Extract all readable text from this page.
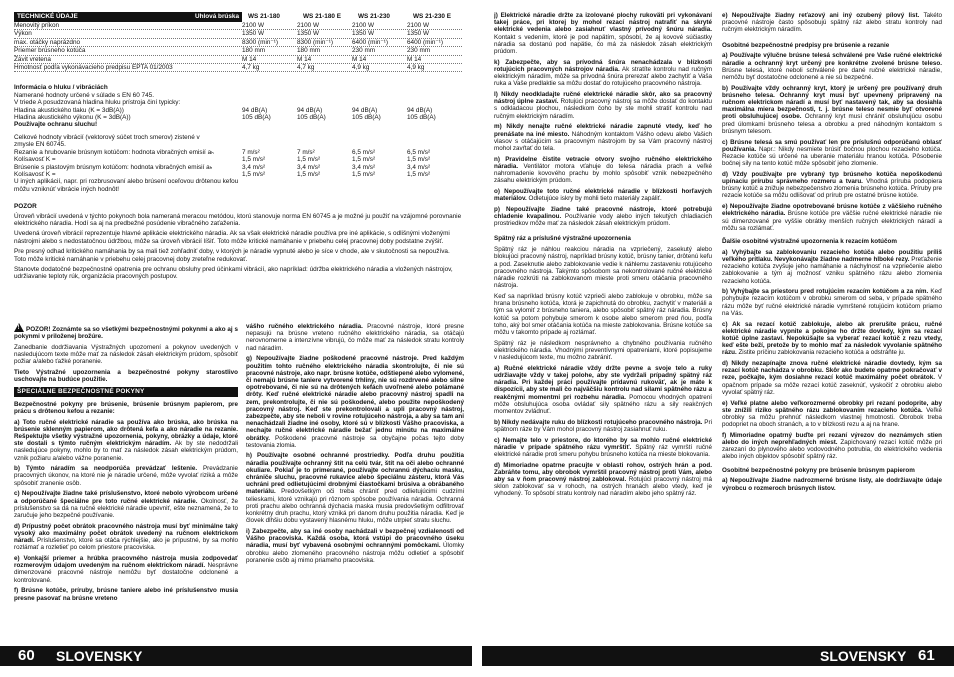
TECHNICKÉ ÚDAJE	Uhlová brúska	WS 21-180	WS 21-180 E	WS 21-230	WS 21-230 E
Menovitý príkon	2100 W	2100 W	2100 W	2100 W
Výkon	1350 W	1350 W	1350 W	1350 W
max. otáčky naprázdno	8300 (min⁻¹)	8300 (min⁻¹)	6400 (min⁻¹)	6400 (min⁻¹)
Priemer brúsneho kotúča	180 mm	180 mm	230 mm	230 mm
Závit vretena	M 14	M 14	M 14	M 14
Hmotnosť podľa vykonávacieho predpisu EPTA 01/2003	4,7 kg	4,7 kg	4,9 kg	4,9 kg
Informácia o hluku / vibráciách
Namerané hodnoty určené v súlade s EN 60 745.
V triede A posudzovaná hladina hluku prístroja činí typicky:
Hladina akustického tlaku (K = 3dB(A))	94 dB(A)	94 dB(A)	94 dB(A)	94 dB(A)
Hladina akustického výkonu (K = 3dB(A))	105 dB(A)	105 dB(A)	105 dB(A)	105 dB(A)
Používajte ochranu sluchu!
Celkové hodnoty vibrácií (vektorový súčet troch smerov) zistené v zmysle EN 60745.
Rezanie a hrubovanie brúsnym kotúčom: hodnota vibračných emisií aₕ	7 m/s²	7 m/s²	6,5 m/s²	6,5 m/s²
Kolísavosť K =	1,5 m/s²	1,5 m/s²	1,5 m/s²	1,5 m/s²
Brúsenie s plastovým brúsnym kotúčom: hodnota vibračných emisií aₕ	3,4 m/s²	3,4 m/s²	3,4 m/s²	3,4 m/s²
Kolísavosť K =	1,5 m/s²	1,5 m/s²	1,5 m/s²	1,5 m/s²
U iných aplikácií, napr. pri rozbrusovaní alebo brúsení oceľovou drôtenou kefou môžu vzniknúť vibrácie iných hodnôt!
POZOR

Úroveň vibrácií uvedená v týchto pokynoch bola nameraná meracou metódou, ktorú stanovuje norma EN 60745 a je možné ju použiť na vzájomné porovnanie elektrického náradia. Hodí sa aj na predbežné posúdenie vibračného zaťaženia.

Uvedená úroveň vibrácií reprezentuje hlavné aplikácie elektrického náradia. Ak sa však elektrické náradie používa pre iné aplikácie, s odlišnými vloženými nástrojmi alebo s nedostatočnou údržbou, môže sa úroveň vibrácií líšiť. Toto môže kritické namáhanie v priebehu celej pracovnej doby podstatne zvýšiť.

Pre presný odhad kritického namáhania by sa mali tiež zohľadniť doby, v ktorých je náradie vypnuté alebo je síce v chode, ale v skutočnosti sa nepoužíva. Toto môže kritické namáhanie v priebehu celej pracovnej doby zreteľne redukovať.

Stanovte dodatočné bezpečnostné opatrenia pre ochranu obsluhy pred účinkami vibrácií, ako napríklad: údržba elektrického náradia a vložených nástrojov, udržiavanie teploty rúk, organizácia pracovných postupov.

!POZOR! Zoznámte sa so všetkými bezpečnostnými pokynmi a ako aj s pokynmi v priloženej brožúre.

Zanedbanie dodržiavania Výstražných upozornení a pokynov uvedených v nasledujúcom texte môže mať za následok zásah elektrickým prúdom, spôsobiť požiar a/alebo ťažké poranenie.

Tieto Výstražné upozornenia a bezpečnostné pokyny starostlivo uschovajte na budúce použitie.

ŠPECIÁLNE BEZPEČNOSTNÉ POKYNY

Bezpečnostné pokyny pre brúsenie, brúsenie brúsnym papierom, pre prácu s drôtenou kefou a rezanie:

a) Toto ručné elektrické náradie sa používa ako brúska, ako brúska na brúsenie sklenným papierom, ako drôtená kefa a ako náradie na rezanie. Rešpektujte všetky výstražné upozornenia, pokyny, obrázky a údaje, ktoré ste dostali s týmto ručným elektrickým náradím. Ak by ste nedodržali nasledujúce pokyny, mohlo by to mať za následok zásah elektrickým prúdom, vznik požiaru a/alebo vážne poranenie.

b) Týmto náradím sa neodporúča prevádzať leštenie. Prevádzanie pracovných úkonov, na ktoré nie je náradie určené, môže vyvolať riziká a môže spôsobiť zranenie osôb.

c) Nepoužívajte žiadne také príslušenstvo, ktoré nebolo výrobcom určené a odporúčané špeciálne pre toto ručné elektrické náradie. Okolnosť, že príslušenstvo sa dá na ručné elektrické náradie upevniť, ešte neznamená, že to zaručuje jeho bezpečné používanie.

d) Prípustný počet obrátok pracovného nástroja musí byť minimálne taký vysoký ako maximálny počet obrátok uvedený na ručnom elektrickom náradí. Príslušenstvo, ktoré sa otáča rýchlejšie, ako je prípustné, by sa mohlo rozlámať a rozletieť po celom priestore pracoviska.

e) Vonkajší priemer a hrúbka pracovného nástroja musia zodpovedať rozmerovým údajom uvedeným na ručnom elektrickom náradí. Nesprávne dimenzované pracovné nástroje nemôžu byť dostatočne odclonené a kontrolované.

f) Brúsne kotúče, príruby, brúsne taniere alebo iné príslušenstvo musia presne pasovať na brúsne vreteno

vášho ručného elektrického náradia. Pracovné nástroje, ktoré presne nepasujú na brúsne vreteno ručného elektrického náradia, sa otáčajú nerovnomerne a intenzívne vibrujú, čo môže mať za následok stratu kontroly nad náradím.

g) Nepoužívajte žiadne poškodené pracovné nástroje. Pred každým použitím tohto ručného elektrického náradia skontrolujte, či nie sú pracovné nástroje, ako napr. brúsne kotúče, odštiepené alebo vylomené, či nemajú brúsne taniere vytvorené trhliny, nie sú rozdrvené alebo silne opotrebované, či nie sú na drôtených kefách uvoľnené alebo polámané drôty. Keď ručné elektrické náradie alebo pracovný nástroj spadli na zem, prekontrolujte, či nie sú poškodené, alebo použite nepoškodený pracovný nástroj. Keď ste prekontrolovali a upli pracovný nástroj, zabezpečte, aby ste neboli v rovine rotujúceho nástroja, a aby sa tam ani nenachádzali žiadne iné osoby, ktoré sú v blízkosti Vášho pracoviska, a nechajte ručné elektrické náradie bežať jednu minútu na maximálne obrátky. Poškodené pracovné nástroje sa obyčajne počas tejto doby testovania zlomia.

h) Používajte osobné ochranné prostriedky. Podľa druhu použitia náradia používajte ochranný štít na celú tvár, štít na oči alebo ochranné okuliare. Pokiaľ je to primerané, používajte ochrannú dýchaciu masku, chrániče sluchu, pracovné rukavice alebo špeciálnu zásteru, ktorá Vás uchráni pred odlietujúcimi drobnými čiastočkami brúsiva a obrábaného materiálu. Predovšetkým oči treba chrániť pred odlietujúcimi cudzími telieskami, ktoré vznikajú pri rôznom spôsobe používania náradia. Ochranná proti prachu alebo ochranná dýchacia maska musia predovšetkým odfiltrovať konkrétny druh prachu, ktorý vzniká pri danom druhu použitia náradia. Keď je človek dlhšiu dobu vystavený hlasnému hluku, môže utrpieť stratu sluchu.

i) Zabezpečte, aby sa iné osoby nachádzali v bezpečnej vzdialenosti od Vášho pracoviska. Každá osoba, ktorá vstúpi do pracovného úseku náradia, musí byť vybavená osobnými ochrannými pomôckami. Úlomky obrobku alebo zlomeného pracovného nástroja môžu odletieť a spôsobiť poranenie osôb aj mimo priameho pracoviska.

j) Elektrické náradie držte za izolované plochy rukoväti pri vykonávaní takej práce, pri ktorej by mohol rezací nástroj natrafiť na skryté elektrické vedenia alebo zasiahnuť vlastný prívodný šnúru náradia. Kontakt s vedením, ktoré je pod napätím, spôsobí, že aj kovové súčiastky náradia sa dostanú pod napätie, čo má za následok zásah elektrickým prúdom.

k) Zabezpečte, aby sa prívodná šnúra nenachádzala v blízkosti rotujúcich pracovných nástrojov náradia. Ak stratíte kontrolu nad ručným elektrickým náradím, môže sa prívodná šnúra prerezať alebo zachytiť a Vaša ruka a Vaše predlaktie sa môžu dostať do rotujúceho pracovného nástroja.

l) Nikdy neodkladajte ručné elektrické náradie skôr, ako sa pracovný nástroj úplne zastaví. Rotujúci pracovný nástroj sa môže dostať do kontaktu s odkladacou plochou, následkom čoho by ste mohli stratiť kontrolu nad ručným elektrickým náradím.

m) Nikdy nenajte ručné elektrické náradie zapnuté vtedy, keď ho prenášate na iné miesto. Náhodným kontaktom Vášho odevu alebo Vašich vlasov s otáčajúcim sa pracovným nástrojom by sa Vám pracovný nástroj mohol zavŕtať do tela.

n) Pravidelne čistite vetracie otvory svojho ručného elektrického náradia. Ventilátor motora vťahuje do telesa náradia prach a veľké nahromadenie kovového prachu by mohlo spôsobiť vznik nebezpečného zásahu elektrickým prúdom.

o) Nepoužívajte toto ručné elektrické náradie v blízkosti horľavých materiálov. Odletujúce iskry by mohli tieto materiály zapáliť.

p) Nepoužívajte žiadne také pracovné nástroje, ktoré potrebujú chladenie kvapalinou. Používanie vody alebo iných tekutých chladiacich prostriedkov môže mať za následok zásah elektrickým prúdom.

Spätný ráz a príslušné výstražné upozornenia

Spätný ráz je náhlou reakciou náradia na vzpriečený, zasekutý alebo blokujúci pracovný nástroj, napríklad brúsny kotúč, brúsny tanier, drôtenú kefu a pod. Zaseknutie alebo zablokovanie vedie k náhlemu zastaveniu rotujúceho pracovného nástroja. Takýmto spôsobom sa nekontrolované ručné elektrické náradie rozkrúti na zablokovanom mieste proti smeru otáčania pracovného nástroja.

Keď sa napríklad brúsny kotúč vzprieči alebo zablokuje v obrobku, môže sa hrana brúsneho kotúča, ktorá je zapichnutá do obrobku, zachytiť v materiáli a tým sa vylomiť z brúsneho taniera, alebo spôsobiť spätný ráz náradia. Brúsny kotúč sa potom pohybuje smerom k osobe alebo smerom pred ňou, podľa toho, aký bol smer otáčania kotúča na mieste zablokovania. Brúsne kotúče sa môžu v takomto prípade aj rozlámať.

Spätný ráz je následkom nesprávneho a chybného používania ručného elektrického náradia. Vhodnými preventívnymi opatreniami, ktoré popisujeme v nasledujúcom texte, mu možno zabrániť.

a) Ručné elektrické náradie vždy držte pevne a svoje telo a ruky udržiavajte vždy v takej polohe, aby ste vydržali prípadný spätný ráz náradia. Pri každej práci používajte prídavnú rukoväť, ak je máte k dispozícii, aby ste mali čo najväčšiu kontrolu nad silami spätného rázu a reakčnými momentmi pri rozbehu náradia. Pomocou vhodných opatrení môže obsluhujúca osoba ovládať sily spätného rázu a sily reakčných momentov zvládnuť.

b) Nikdy nedávajte ruku do blízkosti rotujúceho pracovného nástroja. Pri spätnom ráze by Vám mohol pracovný nástroj zasiahnuť ruku.

c) Nemajte telo v priestore, do ktorého by sa mohlo ručné elektrické náradie v prípade spätného rázu vymrštiť. Spätný ráz vymrští ručné elektrické náradie proti smeru pohybu brúsneho kotúča na mieste blokovania.

d) Mimoriadne opatrne pracujte v oblasti rohov, ostrých hrán a pod. Zabráňte tomu, aby obrobok vymrštil pracovný nástroj proti Vám, alebo aby sa v ňom pracovný nástroj zablokoval. Rotujúci pracovný nástroj má sklon zablokovať sa v rohoch, na ostrých hranách alebo vtedy, keď je vyhodený. To spôsobí stratu kontroly nad náradím alebo jeho spätný ráz.

e) Nepoužívajte žiadny reťazový ani iný ozubený pílový list. Takéto pracovné nástroje často spôsobujú spätný ráz alebo stratu kontroly nad ručným elektrickým náradím.

Osobitné bezpečnostné predpisy pre brúsenie a rezanie

a) Používajte výlučne brúsne telesá schválené pre Vaše ručné elektrické náradie a ochranný kryt určený pre konkrétne zvolené brúsne teleso. Brúsne telesá, ktoré neboli schválené pre dané ručné elektrické náradie, nemôžu byť dostatočne odclonené a nie sú bezpečné.

b) Používajte vždy ochranný kryt, ktorý je určený pre používaný druh brúsneho telesa. Ochranný kryt musí byť upevnený pripravený na ručnom elektrickom náradí a musí byť nastavený tak, aby sa dosiahla maximálna miera bezpečnosti, t. j. brúsne teleso nesmie byť otvorené proti obsluhujúcej osobe. Ochranný kryt musí chrániť obsluhujúcu osobu pred úlomkami brúsneho telesa a obrobku a pred náhodným kontaktom s brúsnym telesom.

c) Brúsne telesá sa smú používať len pre príslušnú odporúčanú oblasť používania. Napr.: Nikdy nesmiete brúsiť bočnou plochou rezacieho kotúča. Rezacie kotúče sú určené na uberanie materiálu hranou kotúča. Pôsobenie bočnej sily na tento kotúč môže spôsobiť jeho zlomenie.

d) Vždy používajte pre vybraný typ brúsneho kotúča nepoškodenú upínaciu prírubu správneho rozmeru a tvaru. Vhodná príruba podopiera brúsny kotúč a znižuje nebezpečenstvo zlomenia brúsneho kotúča. Príruby pre rezacie kotúče sa môžu odlišovať od prírub pre ostatné brúsne kotúče.

e) Nepoužívajte žiadne opotrebované brúsne kotúče z väčšieho ručného elektrického náradia. Brúsne kotúče pre väčšie ručné elektrické náradie nie sú dimenzované pre vyššie obrátky menších ručných elektrických náradí a môžu sa rozlámať.

Ďalšie osobitné výstražné upozornenia k rezacím kotúčom

a) Vyhýbajte sa zablokovaniu rezacieho kotúča alebo použitiu príliš veľkého prítlaku. Nevykonávajte žiadne nadmerne hlboké rezy. Preťaženie rezacieho kotúča zvyšuje jeho namáhanie a náchylnosť na vzpriečenie alebo zablokovanie a tým aj možnosť vzniku spätného rázu alebo zlomenia rezacieho kotúča.

b) Vyhýbajte sa priestoru pred rotujúcim rezacím kotúčom a za ním. Keď pohybujte rezacím kotúčom v obrobku smerom od seba, v prípade spätného rázu môže byť ručné elektrické náradie vymrštené rotujúcim kotúčom priamo na Vás.

c) Ak sa rezací kotúč zablokuje, alebo ak prerušíte prácu, ručné elektrické náradie vypnite a pokojne ho držte dovtedy, kým sa rezací kotúč úplne zastaví. Nepokúšajte sa vyberať rezací kotúč z rezu vtedy, keď ešte beží, pretože by to mohlo mať za následok vyvolanie spätného rázu. Zistite príčinu zablokovania rezacieho kotúča a odstráňte ju.

d) Nikdy nezapínajte znova ručné elektrické náradie dovtedy, kým sa rezací kotúč nachádza v obrobku. Skôr ako budete opatrne pokračovať v reze, počkajte, kým dosiahne rezací kotúč maximálny počet obrátok. V opačnom prípade sa môže rezací kotúč zaseknúť, vyskočiť z obrobku alebo vyvolať spätný ráz.

e) Veľké platne alebo veľkorozmerné obrobky pri rezaní podoprite, aby ste znížili riziko spätného rázu zablokovaním rezacieho kotúča. Veľké obrobky sa môžu prehnúť následkom vlastnej hmotnosti. Obrobok treba podopriet na oboch stranách, a to v blízkosti rezu a aj na hrane.

f) Mimoriadne opatrný buďte pri rezaní výrezov do neznámych stien alebo do iných neprehľadných miest. Zapichovaný rezací kotúč môže pri zarezaní do plynového alebo vodovodného potrubia, do elektrického vedenia alebo iných objektov spôsobiť spätný ráz.

Osobitné bezpečnostné pokyny pre brúsenie brúsnym papierom

a) Nepoužívajte žiadne nadrozmerné brúsne listy, ale dodržiavajte údaje výrobcu o rozmeroch brúsnych listov.

60 SLOVENSKY	SLOVENSKY 61
